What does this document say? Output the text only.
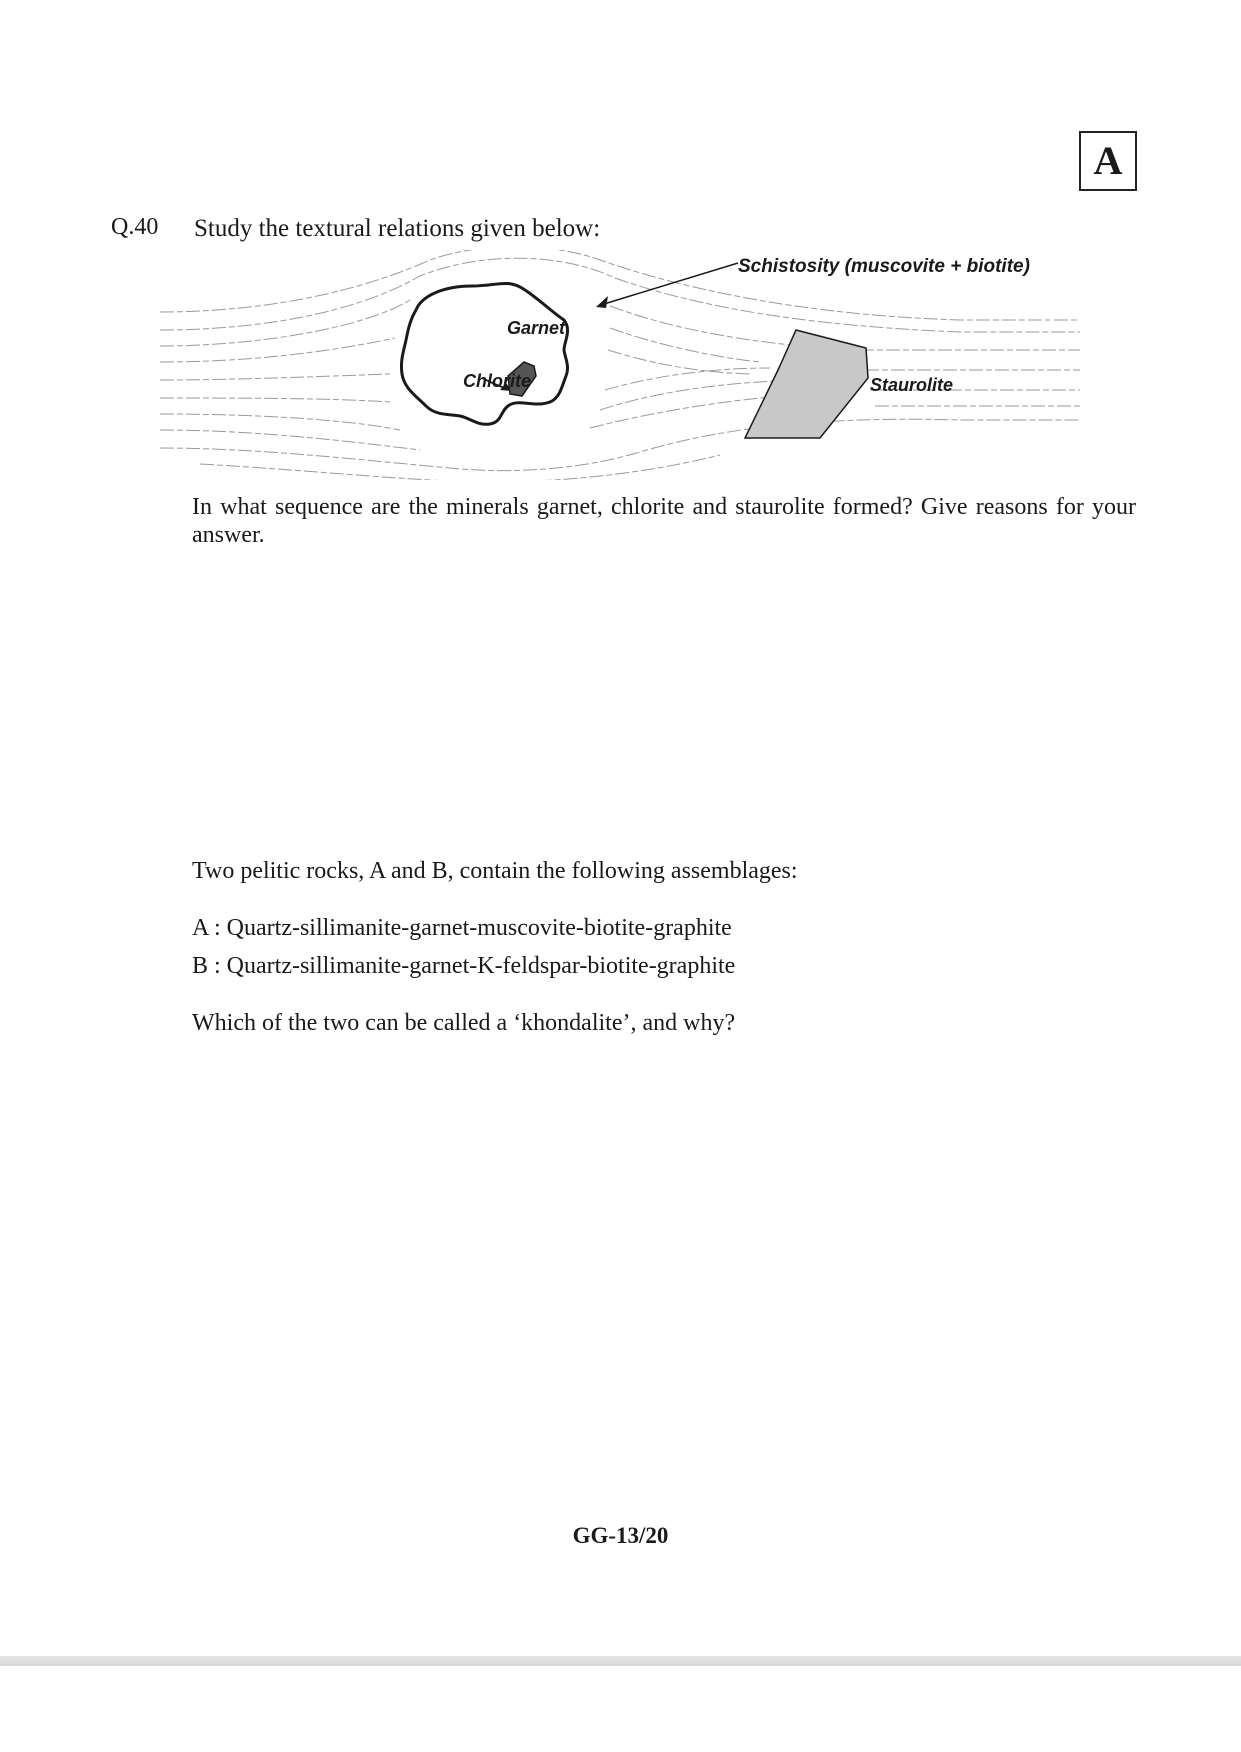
A
Q.40 Study the textural relations given below:
Schistosity (muscovite + biotite)
Garnet
Chlorite	Staurolite
In what sequence are the minerals garnet, chlorite and staurolite formed? Give reasons for your answer.
Two pelitic rocks, A and B, contain the following assemblages:
A : Quartz-sillimanite-garnet-muscovite-biotite-graphite
B : Quartz-sillimanite-garnet-K-feldspar-biotite-graphite
Which of the two can be called a ‘khondalite’, and why?
GG-13/20
